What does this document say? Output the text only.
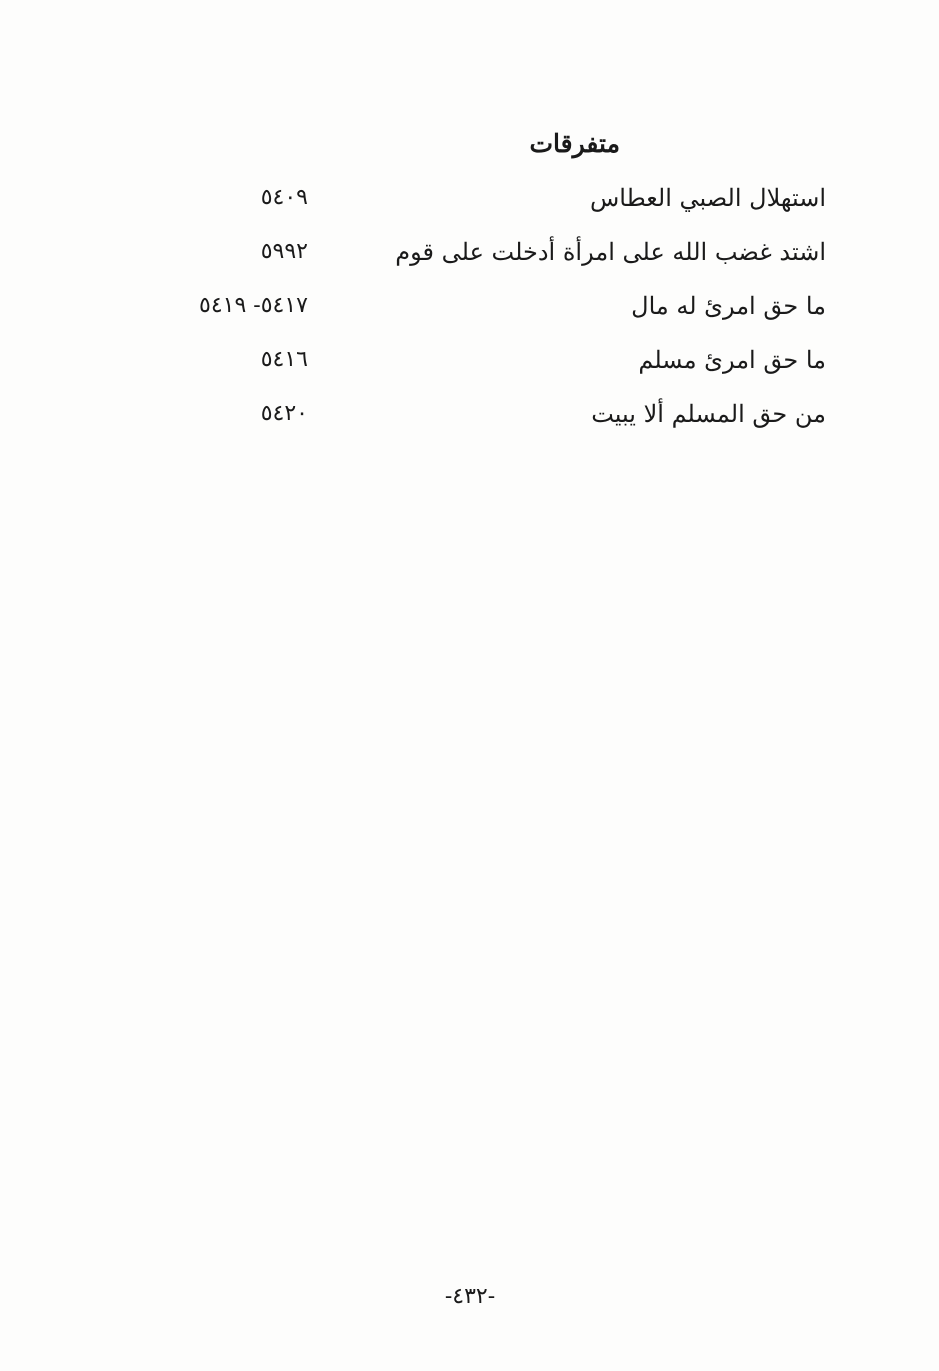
متفرقات
استهلال الصبي العطاس
٥٤٠٩
اشتد غضب الله على امرأة أدخلت على قوم
٥٩٩٢
ما حق امرئ له مال
٥٤١٧- ٥٤١٩
ما حق امرئ مسلم
٥٤١٦
من حق المسلم ألا يبيت
٥٤٢٠
-٤٣٢-
